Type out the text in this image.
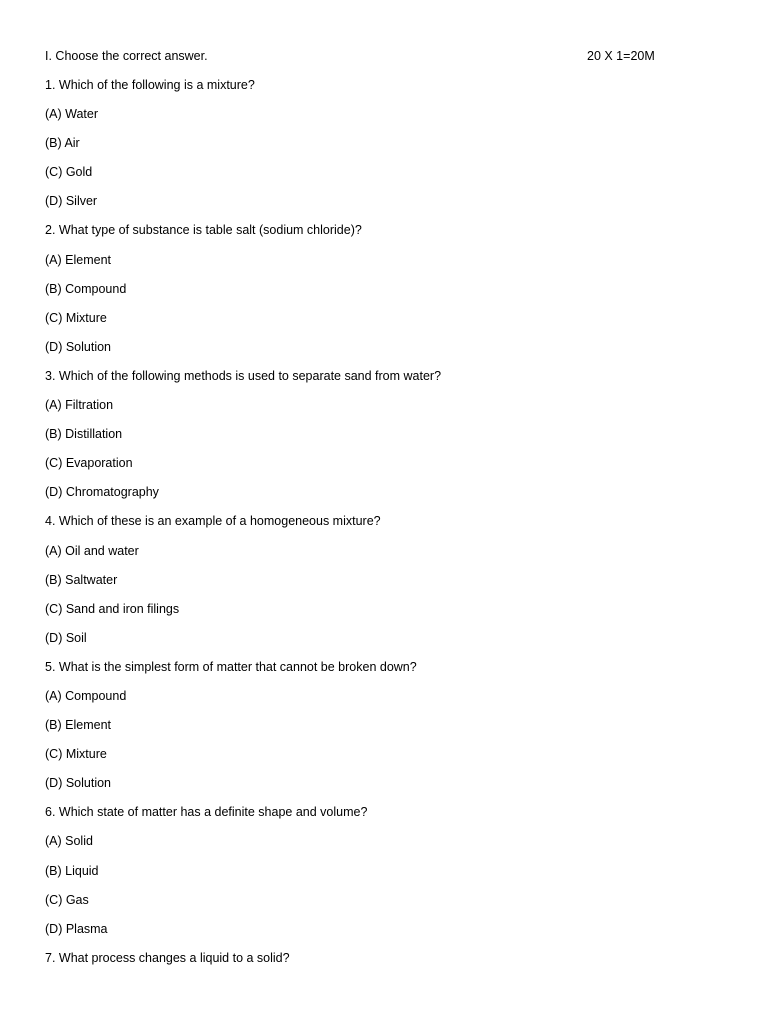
I. Choose the correct answer.	20 X 1=20M
1. Which of the following is a mixture?
(A) Water
(B) Air
(C) Gold
(D) Silver
2. What type of substance is table salt (sodium chloride)?
(A) Element
(B) Compound
(C) Mixture
(D) Solution
3. Which of the following methods is used to separate sand from water?
(A) Filtration
(B) Distillation
(C) Evaporation
(D) Chromatography
4. Which of these is an example of a homogeneous mixture?
(A) Oil and water
(B) Saltwater
(C) Sand and iron filings
(D) Soil
5. What is the simplest form of matter that cannot be broken down?
(A) Compound
(B) Element
(C) Mixture
(D) Solution
6. Which state of matter has a definite shape and volume?
(A) Solid
(B) Liquid
(C) Gas
(D) Plasma
7. What process changes a liquid to a solid?
